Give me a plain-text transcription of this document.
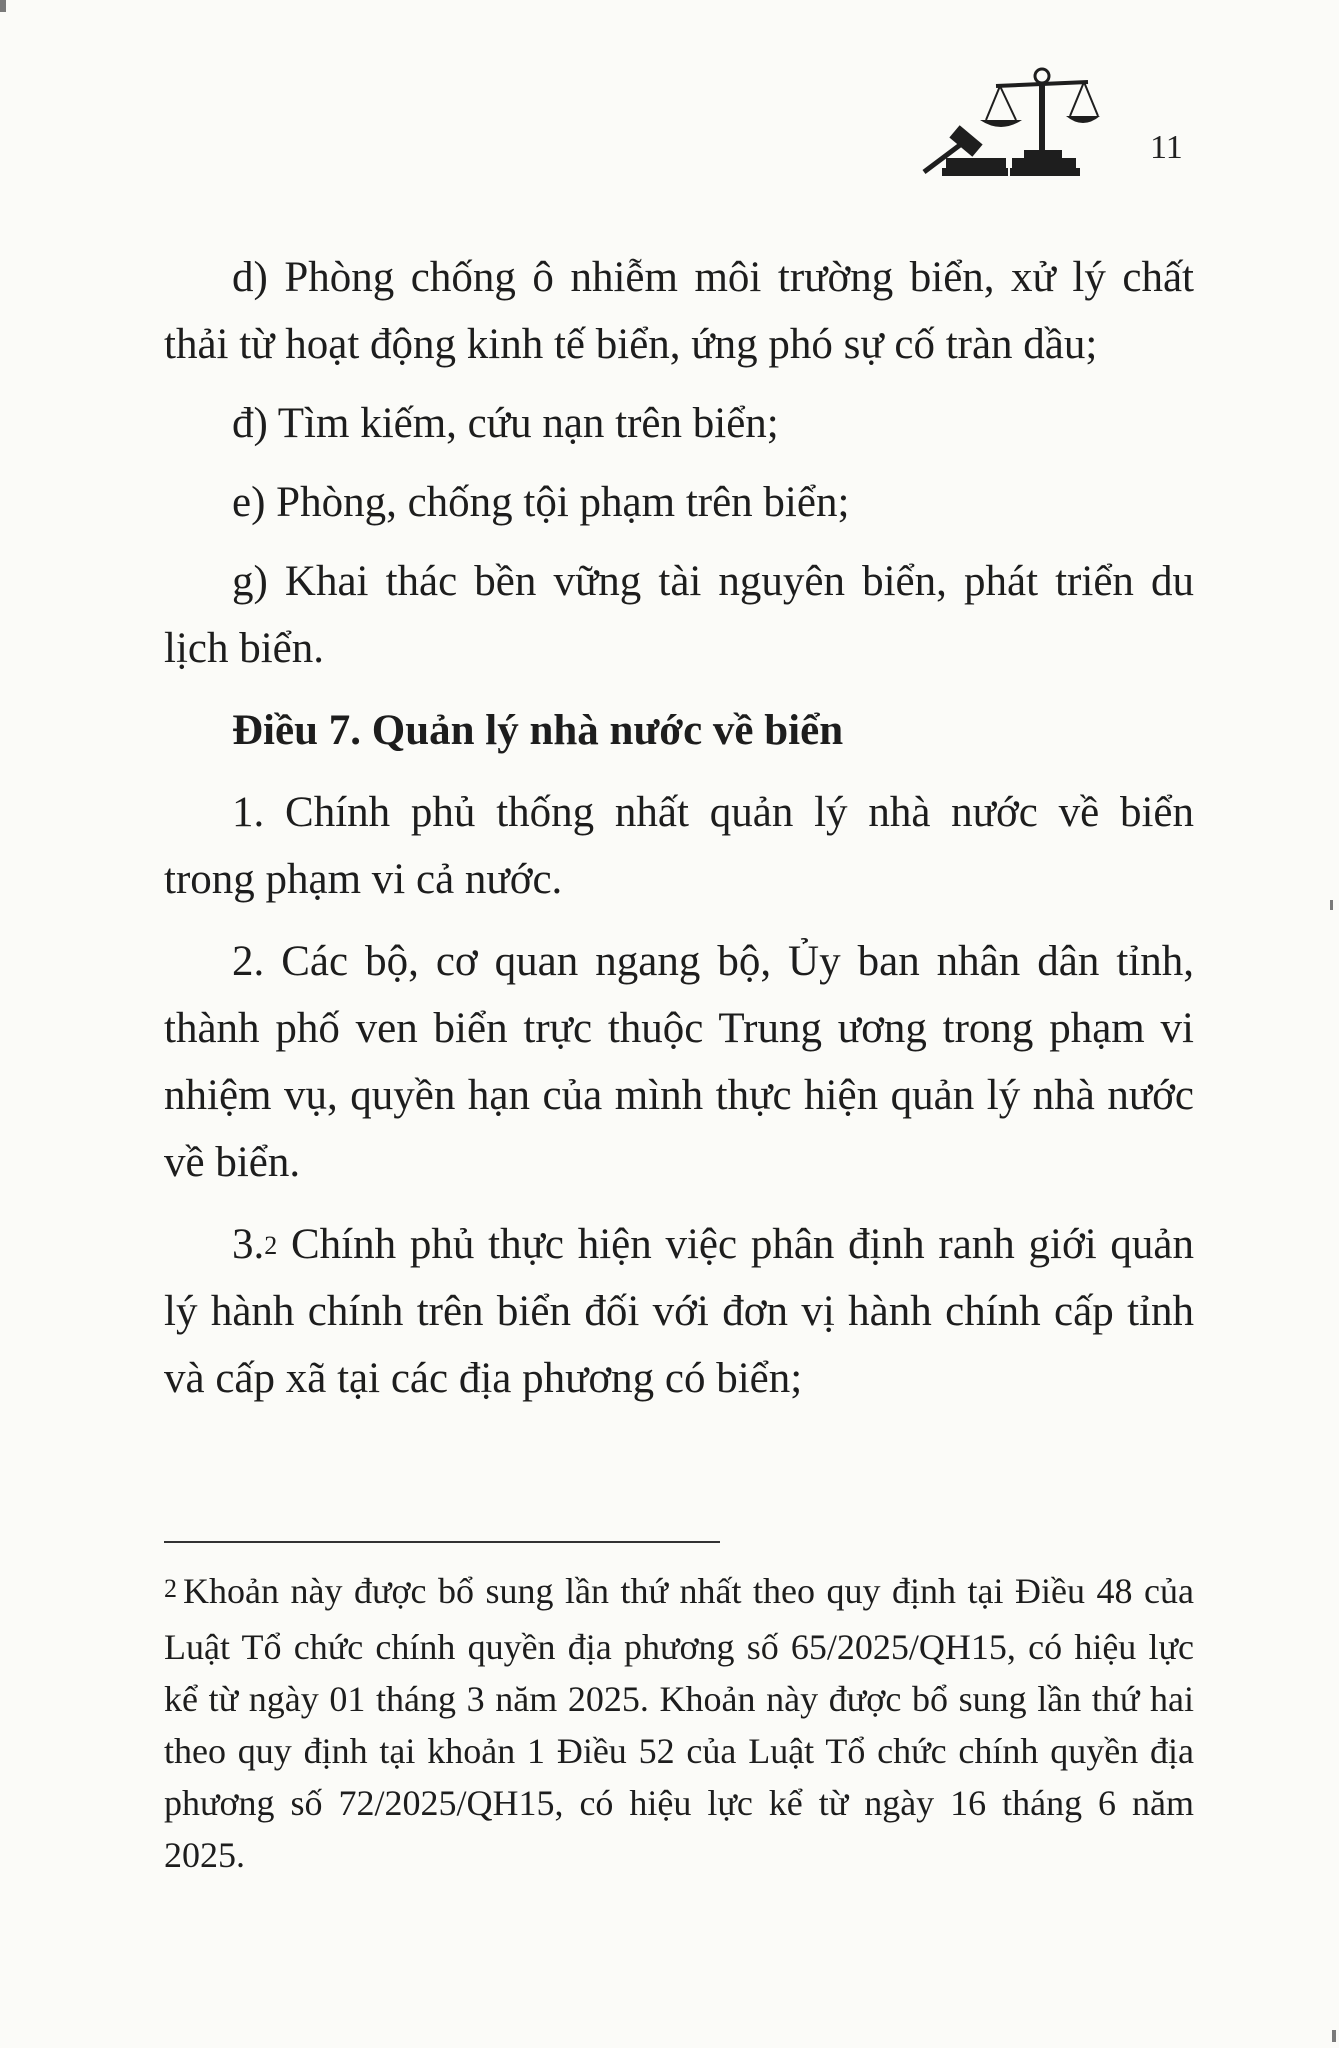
11

d) Phòng chống ô nhiễm môi trường biển, xử lý chất thải từ hoạt động kinh tế biển, ứng phó sự cố tràn dầu;

đ) Tìm kiếm, cứu nạn trên biển;

e) Phòng, chống tội phạm trên biển;

g) Khai thác bền vững tài nguyên biển, phát triển du lịch biển.

Điều 7. Quản lý nhà nước về biển

1. Chính phủ thống nhất quản lý nhà nước về biển trong phạm vi cả nước.

2. Các bộ, cơ quan ngang bộ, Ủy ban nhân dân tỉnh, thành phố ven biển trực thuộc Trung ương trong phạm vi nhiệm vụ, quyền hạn của mình thực hiện quản lý nhà nước về biển.

3.$^2$ Chính phủ thực hiện việc phân định ranh giới quản lý hành chính trên biển đối với đơn vị hành chính cấp tỉnh và cấp xã tại các địa phương có biển;

2 Khoản này được bổ sung lần thứ nhất theo quy định tại Điều 48 của Luật Tổ chức chính quyền địa phương số 65/2025/QH15, có hiệu lực kể từ ngày 01 tháng 3 năm 2025. Khoản này được bổ sung lần thứ hai theo quy định tại khoản 1 Điều 52 của Luật Tổ chức chính quyền địa phương số 72/2025/QH15, có hiệu lực kể từ ngày 16 tháng 6 năm 2025.
